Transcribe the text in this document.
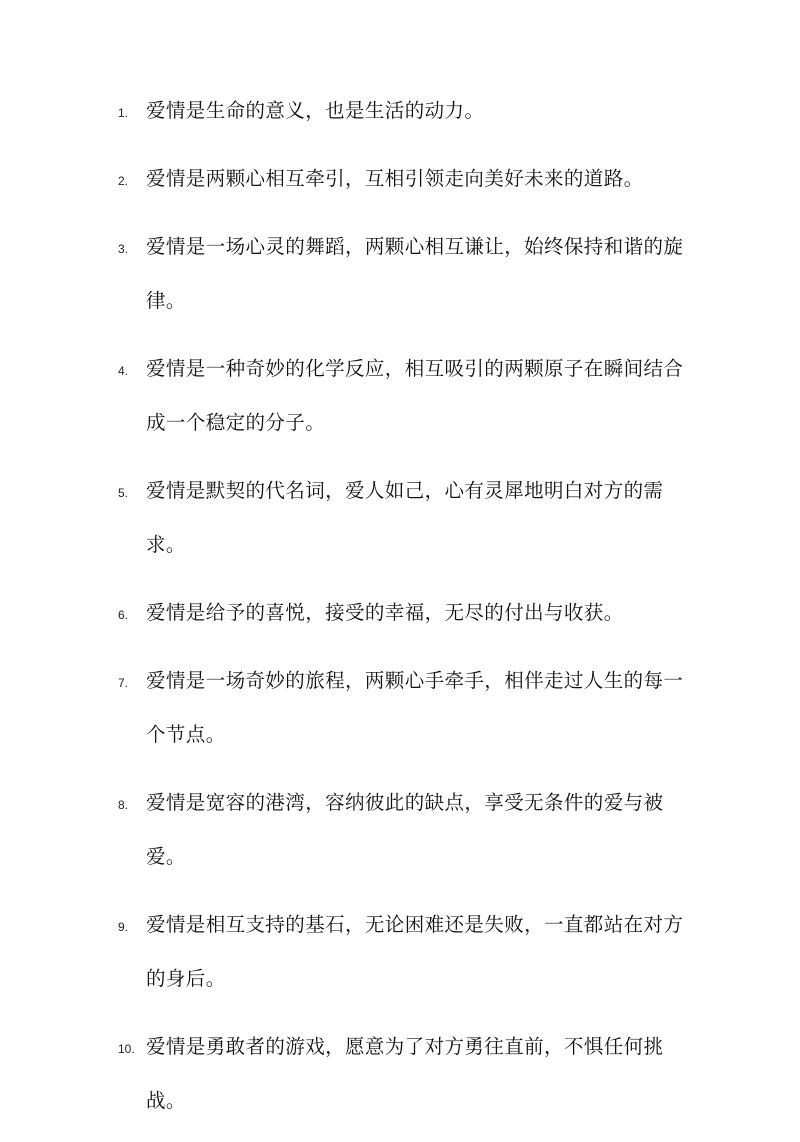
1. 爱情是生命的意义，也是生活的动力。
2. 爱情是两颗心相互牵引，互相引领走向美好未来的道路。
3. 爱情是一场心灵的舞蹈，两颗心相互谦让，始终保持和谐的旋律。
4. 爱情是一种奇妙的化学反应，相互吸引的两颗原子在瞬间结合成一个稳定的分子。
5. 爱情是默契的代名词，爱人如己，心有灵犀地明白对方的需求。
6. 爱情是给予的喜悦，接受的幸福，无尽的付出与收获。
7. 爱情是一场奇妙的旅程，两颗心手牵手，相伴走过人生的每一个节点。
8. 爱情是宽容的港湾，容纳彼此的缺点，享受无条件的爱与被爱。
9. 爱情是相互支持的基石，无论困难还是失败，一直都站在对方的身后。
10. 爱情是勇敢者的游戏，愿意为了对方勇往直前，不惧任何挑战。
